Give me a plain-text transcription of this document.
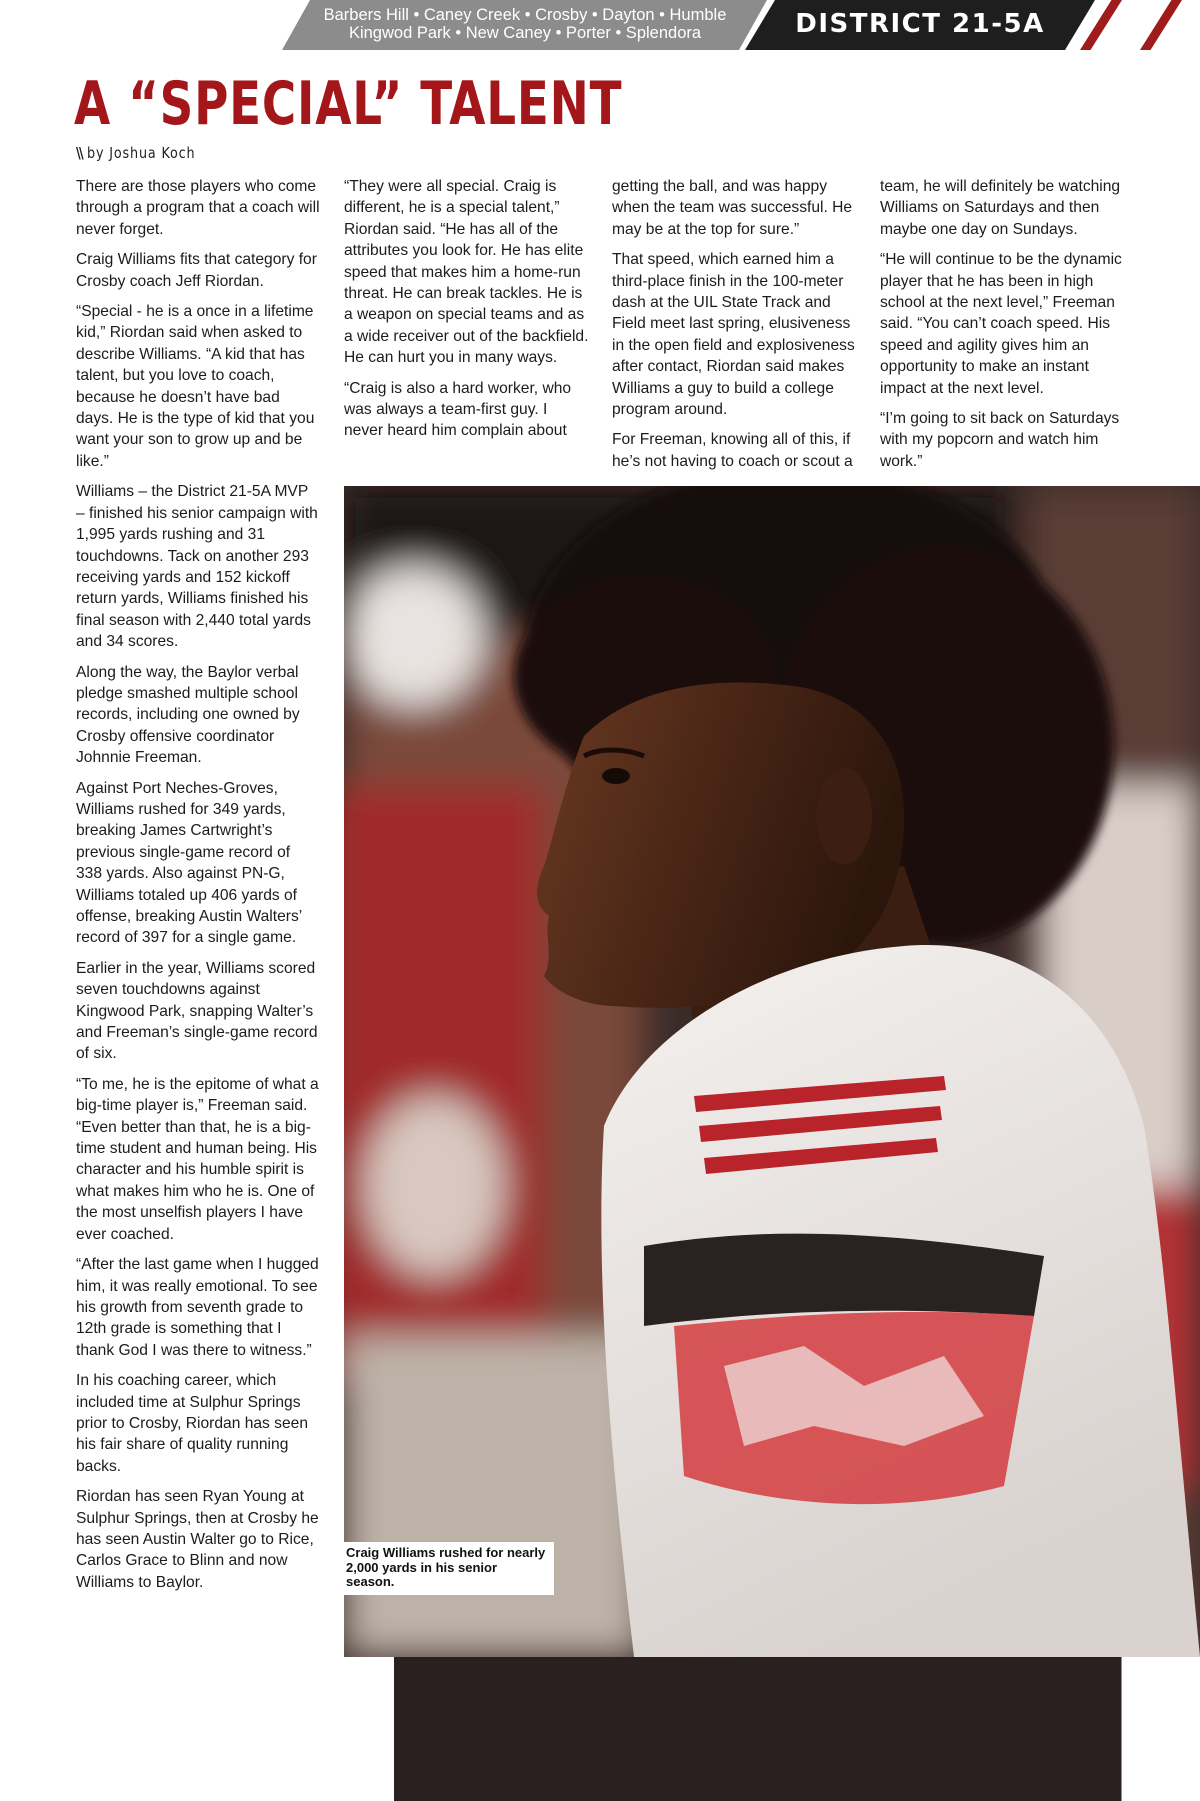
Barbers Hill • Caney Creek • Crosby • Dayton • Humble
Kingwod Park • New Caney • Porter • Splendora	DISTRICT 21-5A
A “SPECIAL” TALENT
\\ by Joshua Koch

There are those players who come through a program that a coach will never forget.

Craig Williams fits that category for Crosby coach Jeff Riordan.

“Special - he is a once in a lifetime kid,” Riordan said when asked to describe Williams. “A kid that has talent, but you love to coach, because he doesn’t have bad days. He is the type of kid that you want your son to grow up and be like.”

Williams – the District 21-5A MVP – finished his senior campaign with 1,995 yards rushing and 31 touchdowns. Tack on another 293 receiving yards and 152 kickoff return yards, Williams finished his final season with 2,440 total yards and 34 scores.

Along the way, the Baylor verbal pledge smashed multiple school records, including one owned by Crosby offensive coordinator Johnnie Freeman.

Against Port Neches-Groves, Williams rushed for 349 yards, breaking James Cartwright’s previous single-game record of 338 yards. Also against PN-G, Williams totaled up 406 yards of offense, breaking Austin Walters’ record of 397 for a single game.

Earlier in the year, Williams scored seven touchdowns against Kingwood Park, snapping Walter’s and Freeman’s single-game record of six.

“To me, he is the epitome of what a big-time player is,” Freeman said. “Even better than that, he is a big-time student and human being. His character and his humble spirit is what makes him who he is. One of the most unselfish players I have ever coached.

“After the last game when I hugged him, it was really emotional. To see his growth from seventh grade to 12th grade is something that I thank God I was there to witness.”

In his coaching career, which included time at Sulphur Springs prior to Crosby, Riordan has seen his fair share of quality running backs.

Riordan has seen Ryan Young at Sulphur Springs, then at Crosby he has seen Austin Walter go to Rice, Carlos Grace to Blinn and now Williams to Baylor.

“They were all special. Craig is different, he is a special talent,” Riordan said. “He has all of the attributes you look for. He has elite speed that makes him a home-run threat. He can break tackles. He is a weapon on special teams and as a wide receiver out of the backfield. He can hurt you in many ways.

“Craig is also a hard worker, who was always a team-first guy. I never heard him complain about

getting the ball, and was happy when the team was successful. He may be at the top for sure.”

That speed, which earned him a third-place finish in the 100-meter dash at the UIL State Track and Field meet last spring, elusiveness in the open field and explosiveness after contact, Riordan said makes Williams a guy to build a college program around.

For Freeman, knowing all of this, if he’s not having to coach or scout a

team, he will definitely be watching Williams on Saturdays and then maybe one day on Sundays.

“He will continue to be the dynamic player that he has been in high school at the next level,” Freeman said. “You can’t coach speed. His speed and agility gives him an opportunity to make an instant impact at the next level.

“I’m going to sit back on Saturdays with my popcorn and watch him work.”

Craig Williams rushed for nearly 2,000 yards in his senior season.
